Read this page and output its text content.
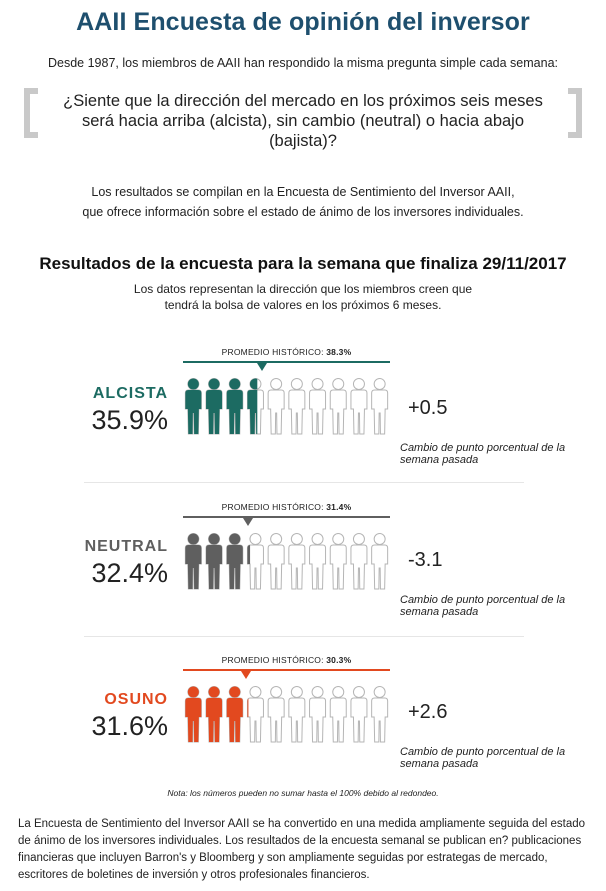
AAII Encuesta de opinión del inversor
Desde 1987, los miembros de AAII han respondido la misma pregunta simple cada semana:
¿Siente que la dirección del mercado en los próximos seis meses será hacia arriba (alcista), sin cambio (neutral) o hacia abajo (bajista)?
Los resultados se compilan en la Encuesta de Sentimiento del Inversor AAII,
que ofrece información sobre el estado de ánimo de los inversores individuales.
Resultados de la encuesta para la semana que finaliza 29/11/2017
Los datos representan la dirección que los miembros creen que
tendrá la bolsa de valores en los próximos 6 meses.
PROMEDIO HISTÓRICO: 38.3%
ALCISTA
35.9%	+0.5
Cambio de punto porcentual de la semana pasada
PROMEDIO HISTÓRICO: 31.4%
NEUTRAL
32.4%	-3.1
Cambio de punto porcentual de la semana pasada
PROMEDIO HISTÓRICO: 30.3%
OSUNO
31.6%	+2.6
Cambio de punto porcentual de la semana pasada
Nota: los números pueden no sumar hasta el 100% debido al redondeo.
La Encuesta de Sentimiento del Inversor AAII se ha convertido en una medida ampliamente seguida del estado de ánimo de los inversores individuales. Los resultados de la encuesta semanal se publican en? publicaciones financieras que incluyen Barron's y Bloomberg y son ampliamente seguidas por estrategas de mercado, escritores de boletines de inversión y otros profesionales financieros.
